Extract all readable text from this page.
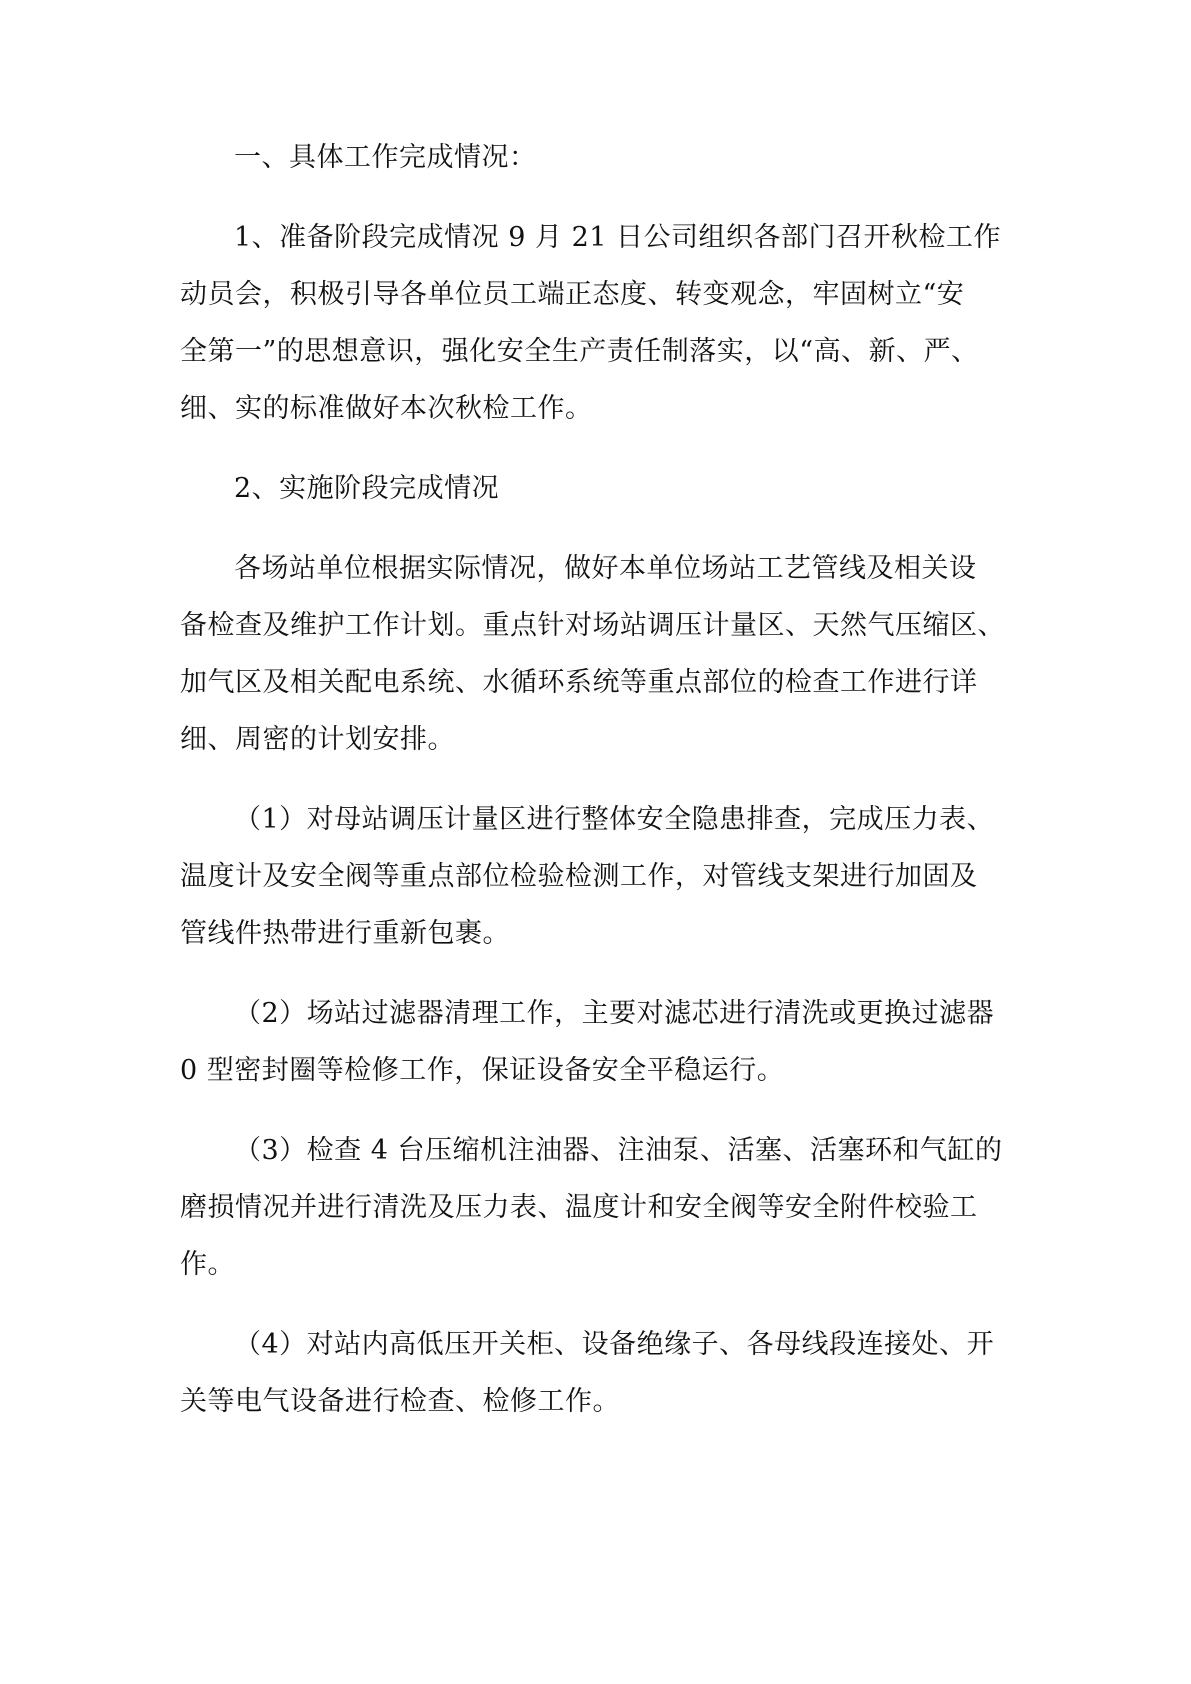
一、具体工作完成情况：
1、准备阶段完成情况 9 月 21 日公司组织各部门召开秋检工作
动员会，积极引导各单位员工端正态度、转变观念，牢固树立“安
全第一”的思想意识，强化安全生产责任制落实，以“高、新、严、
细、实的标准做好本次秋检工作。
2、实施阶段完成情况
各场站单位根据实际情况，做好本单位场站工艺管线及相关设
备检查及维护工作计划。重点针对场站调压计量区、天然气压缩区、
加气区及相关配电系统、水循环系统等重点部位的检查工作进行详
细、周密的计划安排。
（1）对母站调压计量区进行整体安全隐患排查，完成压力表、
温度计及安全阀等重点部位检验检测工作，对管线支架进行加固及
管线件热带进行重新包裹。
（2）场站过滤器清理工作，主要对滤芯进行清洗或更换过滤器
0 型密封圈等检修工作，保证设备安全平稳运行。
（3）检查 4 台压缩机注油器、注油泵、活塞、活塞环和气缸的
磨损情况并进行清洗及压力表、温度计和安全阀等安全附件校验工
作。
（4）对站内高低压开关柜、设备绝缘子、各母线段连接处、开
关等电气设备进行检查、检修工作。
